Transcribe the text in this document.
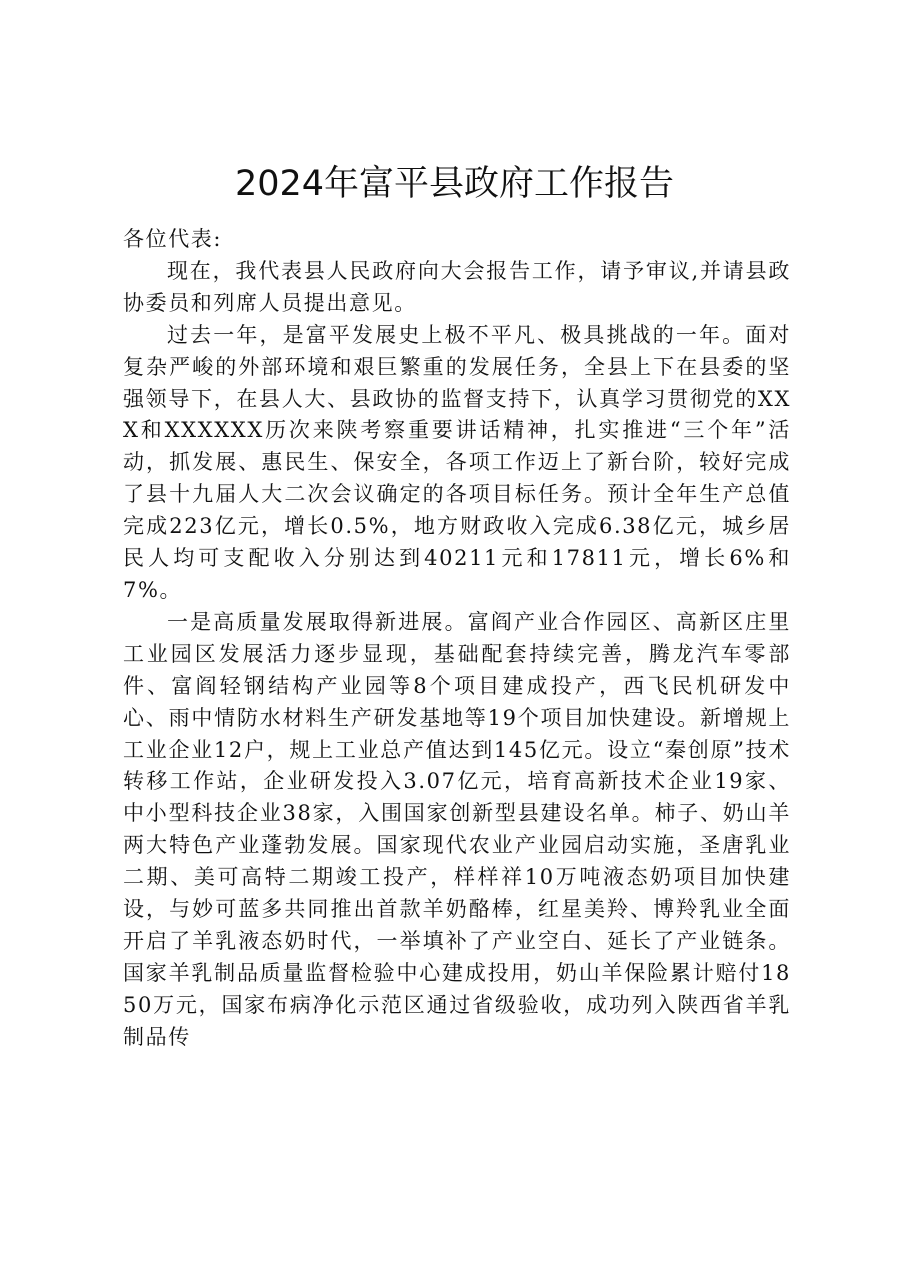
2024年富平县政府工作报告

各位代表:

现在，我代表县人民政府向大会报告工作，请予审议,并请县政协委员和列席人员提出意见。

过去一年，是富平发展史上极不平凡、极具挑战的一年。面对复杂严峻的外部环境和艰巨繁重的发展任务，全县上下在县委的坚强领导下，在县人大、县政协的监督支持下，认真学习贯彻党的XXX和XXXXXX历次来陕考察重要讲话精神，扎实推进“三个年”活动，抓发展、惠民生、保安全，各项工作迈上了新台阶，较好完成了县十九届人大二次会议确定的各项目标任务。预计全年生产总值完成223亿元，增长0.5%，地方财政收入完成6.38亿元，城乡居民人均可支配收入分别达到40211元和17811元，增长6%和7%。

一是高质量发展取得新进展。富阎产业合作园区、高新区庄里工业园区发展活力逐步显现，基础配套持续完善，腾龙汽车零部件、富阎轻钢结构产业园等8个项目建成投产，西飞民机研发中心、雨中情防水材料生产研发基地等19个项目加快建设。新增规上工业企业12户，规上工业总产值达到145亿元。设立“秦创原”技术转移工作站，企业研发投入3.07亿元，培育高新技术企业19家、中小型科技企业38家，入围国家创新型县建设名单。柿子、奶山羊两大特色产业蓬勃发展。国家现代农业产业园启动实施，圣唐乳业二期、美可高特二期竣工投产，样样祥10万吨液态奶项目加快建设，与妙可蓝多共同推出首款羊奶酪棒，红星美羚、博羚乳业全面开启了羊乳液态奶时代，一举填补了产业空白、延长了产业链条。国家羊乳制品质量监督检验中心建成投用，奶山羊保险累计赔付1850万元，国家布病净化示范区通过省级验收，成功列入陕西省羊乳制品传
